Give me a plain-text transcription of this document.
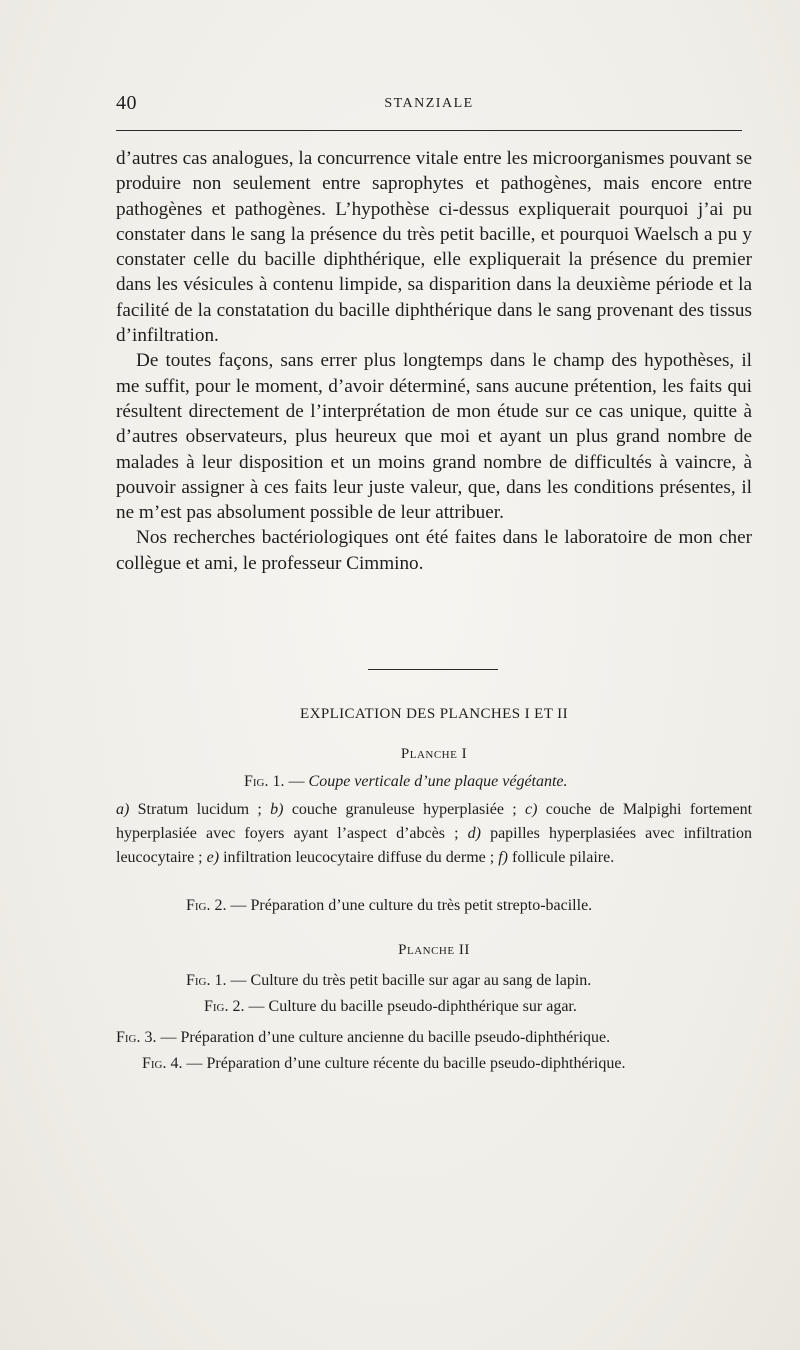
40	STANZIALE

d’autres cas analogues, la concurrence vitale entre les microorganismes pouvant se produire non seulement entre saprophytes et pathogènes, mais encore entre pathogènes et pathogènes. L’hypothèse ci-dessus expliquerait pourquoi j’ai pu constater dans le sang la présence du très petit bacille, et pourquoi Waelsch a pu y constater celle du bacille diphthérique, elle expliquerait la présence du premier dans les vésicules à contenu limpide, sa disparition dans la deuxième période et la facilité de la constatation du bacille diphthérique dans le sang provenant des tissus d’infiltration.

De toutes façons, sans errer plus longtemps dans le champ des hypothèses, il me suffit, pour le moment, d’avoir déterminé, sans aucune prétention, les faits qui résultent directement de l’interprétation de mon étude sur ce cas unique, quitte à d’autres observateurs, plus heureux que moi et ayant un plus grand nombre de malades à leur disposition et un moins grand nombre de difficultés à vaincre, à pouvoir assigner à ces faits leur juste valeur, que, dans les conditions présentes, il ne m’est pas absolument possible de leur attribuer.

Nos recherches bactériologiques ont été faites dans le laboratoire de mon cher collègue et ami, le professeur Cimmino.

EXPLICATION DES PLANCHES I ET II
Planche I
Fig. 1. — Coupe verticale d’une plaque végétante.

a) Stratum lucidum ; b) couche granuleuse hyperplasiée ; c) couche de Malpighi fortement hyperplasiée avec foyers ayant l’aspect d’abcès ; d) papilles hyperplasiées avec infiltration leucocytaire ; e) infiltration leucocytaire diffuse du derme ; f) follicule pilaire.

Fig. 2. — Préparation d’une culture du très petit strepto-bacille.
Planche II
Fig. 1. — Culture du très petit bacille sur agar au sang de lapin.
Fig. 2. — Culture du bacille pseudo-diphthérique sur agar.
Fig. 3. — Préparation d’une culture ancienne du bacille pseudo-diphthérique.
Fig. 4. — Préparation d’une culture récente du bacille pseudo-diphthérique.
